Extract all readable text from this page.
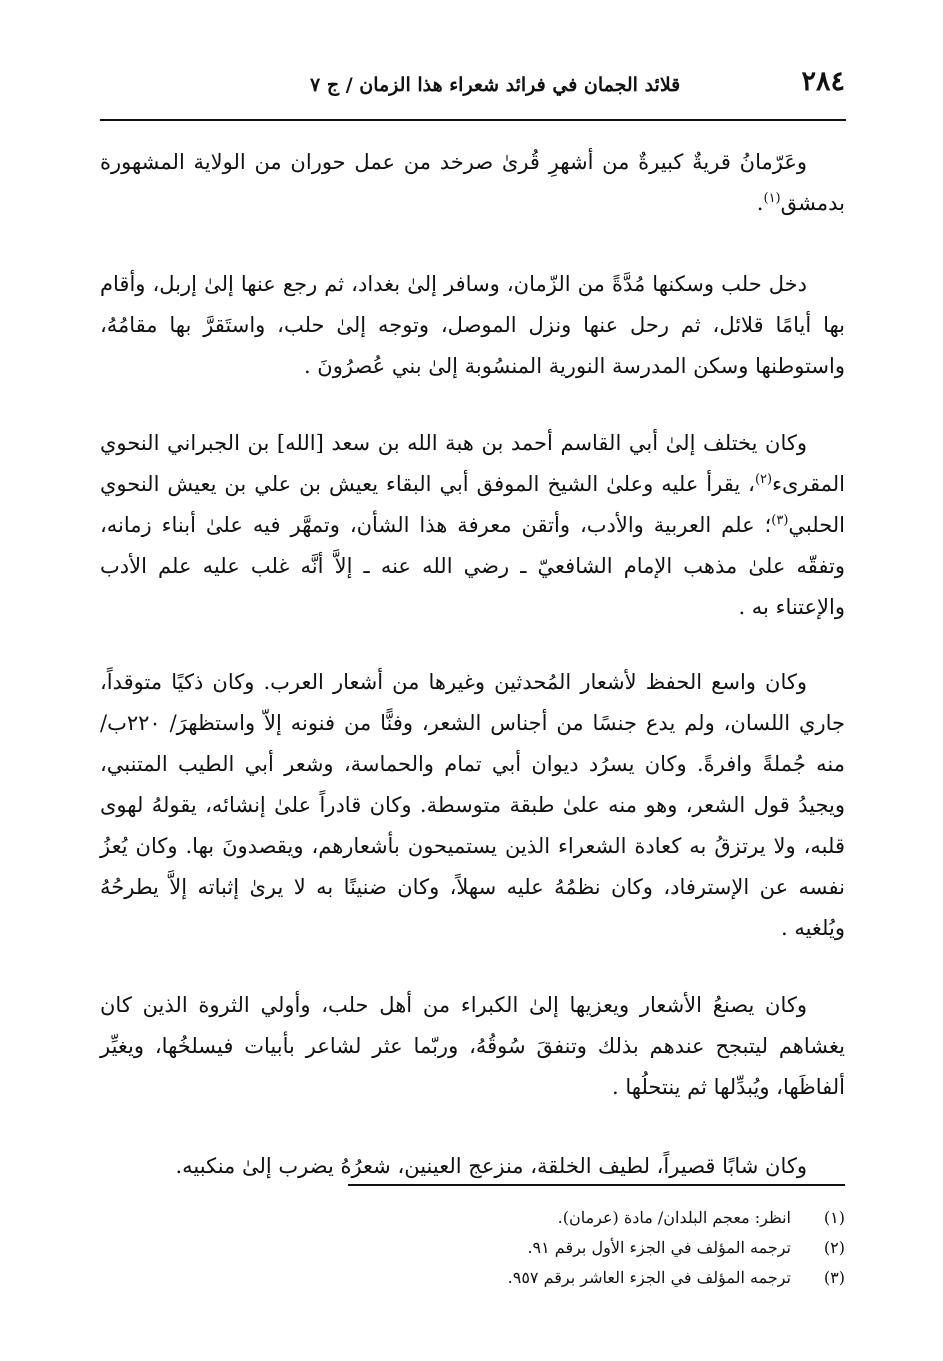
٢٨٤
قلائد الجمان في فرائد شعراء هذا الزمان / ج ٧

وعَرّمانُ قريةٌ كبيرةٌ من أشهرِ قُرىٰ صرخد من عمل حوران من الولاية المشهورة بدمشق$^{(١)}$.

دخل حلب وسكنها مُدَّةً من الزّمان، وسافر إلىٰ بغداد، ثم رجع عنها إلىٰ إربل، وأقام بها أيامًا قلائل، ثم رحل عنها ونزل الموصل، وتوجه إلىٰ حلب، واستَقرَّ بها مقامُهُ، واستوطنها وسكن المدرسة النورية المنسُوبة إلىٰ بني عُصرُونَ .

وكان يختلف إلىٰ أبي القاسم أحمد بن هبة الله بن سعد [الله] بن الجبراني النحوي المقرىء$^{(٢)}$، يقرأ عليه وعلىٰ الشيخ الموفق أبي البقاء يعيش بن علي بن يعيش النحوي الحلبي$^{(٣)}$؛ علم العربية والأدب، وأتقن معرفة هذا الشأن، وتمهَّر فيه علىٰ أبناء زمانه، وتفقّه علىٰ مذهب الإمام الشافعيّ ـ رضي الله عنه ـ إلاَّ أنَّه غلب عليه علم الأدب والإعتناء به .

وكان واسع الحفظ لأشعار المُحدثين وغيرها من أشعار العرب. وكان ذكيًا متوقداً، جاري اللسان، ولم يدع جنسًا من أجناس الشعر، وفنًّا من فنونه إلاّ واستظهرَ/ ٢٢٠ب/ منه جُملةً وافرةً. وكان يسرُد ديوان أبي تمام والحماسة، وشعر أبي الطيب المتنبي، ويجيدُ قول الشعر، وهو منه علىٰ طبقة متوسطة. وكان قادراً علىٰ إنشائه، يقولهُ لهوى قلبه، ولا يرتزقُ به كعادة الشعراء الذين يستميحون بأشعارهم، ويقصدونَ بها. وكان يُعزُ نفسه عن الإسترفاد، وكان نظمُهُ عليه سهلاً، وكان ضنينًا به لا يرىٰ إثباته إلاَّ يطرحُهُ ويُلغيه .

وكان يصنعُ الأشعار ويعزيها إلىٰ الكبراء من أهل حلب، وأولي الثروة الذين كان يغشاهم ليتبجح عندهم بذلك وتنفقَ سُوقُهُ، وربّما عثر لشاعر بأبيات فيسلخُها، ويغيِّر ألفاظَها، ويُبدِّلها ثم ينتحلُها .

وكان شابًا قصيراً، لطيف الخلقة، منزعج العينين، شعرُهُ يضرب إلىٰ منكبيه.

(١)
انظر: معجم البلدان/ مادة (عرمان).
(٢)
ترجمه المؤلف في الجزء الأول برقم ٩١.
(٣)
ترجمه المؤلف في الجزء العاشر برقم ٩٥٧.
